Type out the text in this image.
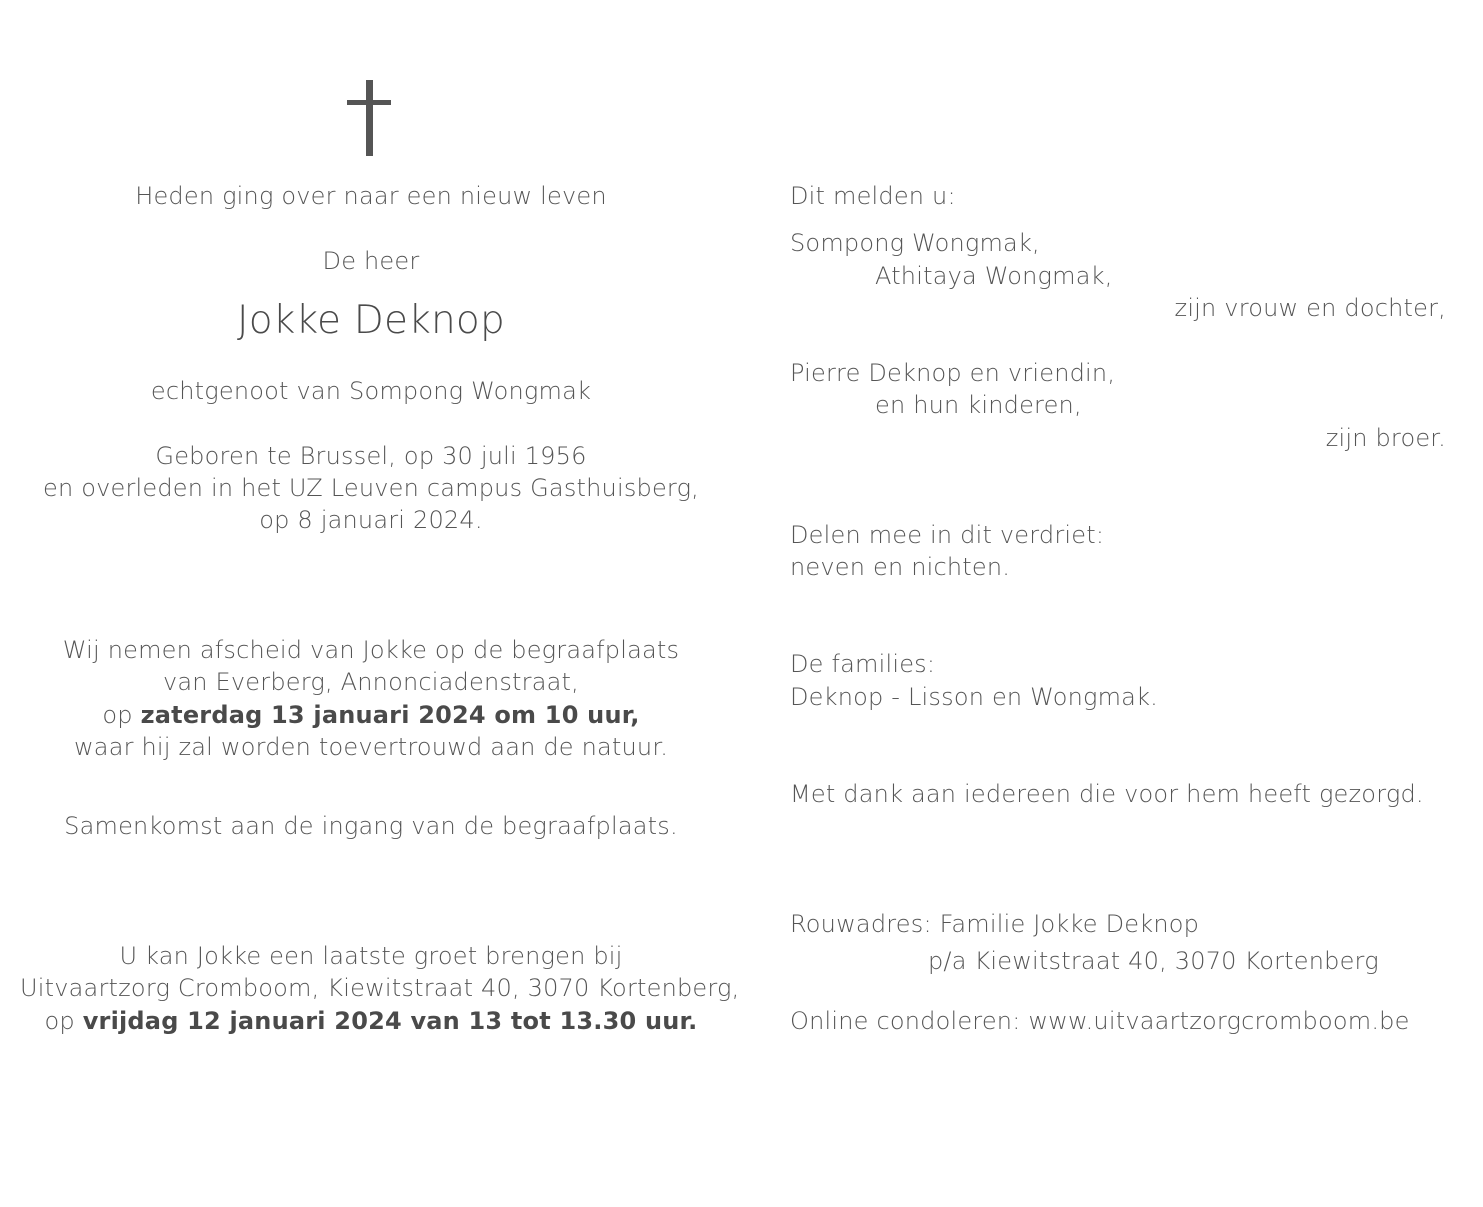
Heden ging over naar een nieuw leven
De heer
Jokke Deknop
echtgenoot van Sompong Wongmak
Geboren te Brussel, op 30 juli 1956
en overleden in het UZ Leuven campus Gasthuisberg,
op 8 januari 2024.
Wij nemen afscheid van Jokke op de begraafplaats
van Everberg, Annonciadenstraat,
op zaterdag 13 januari 2024 om 10 uur,
waar hij zal worden toevertrouwd aan de natuur.
Samenkomst aan de ingang van de begraafplaats.
U kan Jokke een laatste groet brengen bij
Uitvaartzorg Cromboom, Kiewitstraat 40, 3070 Kortenberg,
op vrijdag 12 januari 2024 van 13 tot 13.30 uur.
Dit melden u:
Sompong Wongmak,
Athitaya Wongmak,
zijn vrouw en dochter,
Pierre Deknop en vriendin,
en hun kinderen,
zijn broer.
Delen mee in dit verdriet:
neven en nichten.
De families:
Deknop - Lisson en Wongmak.
Met dank aan iedereen die voor hem heeft gezorgd.
Rouwadres: Familie Jokke Deknop
p/a Kiewitstraat 40, 3070 Kortenberg
Online condoleren: www.uitvaartzorgcromboom.be
